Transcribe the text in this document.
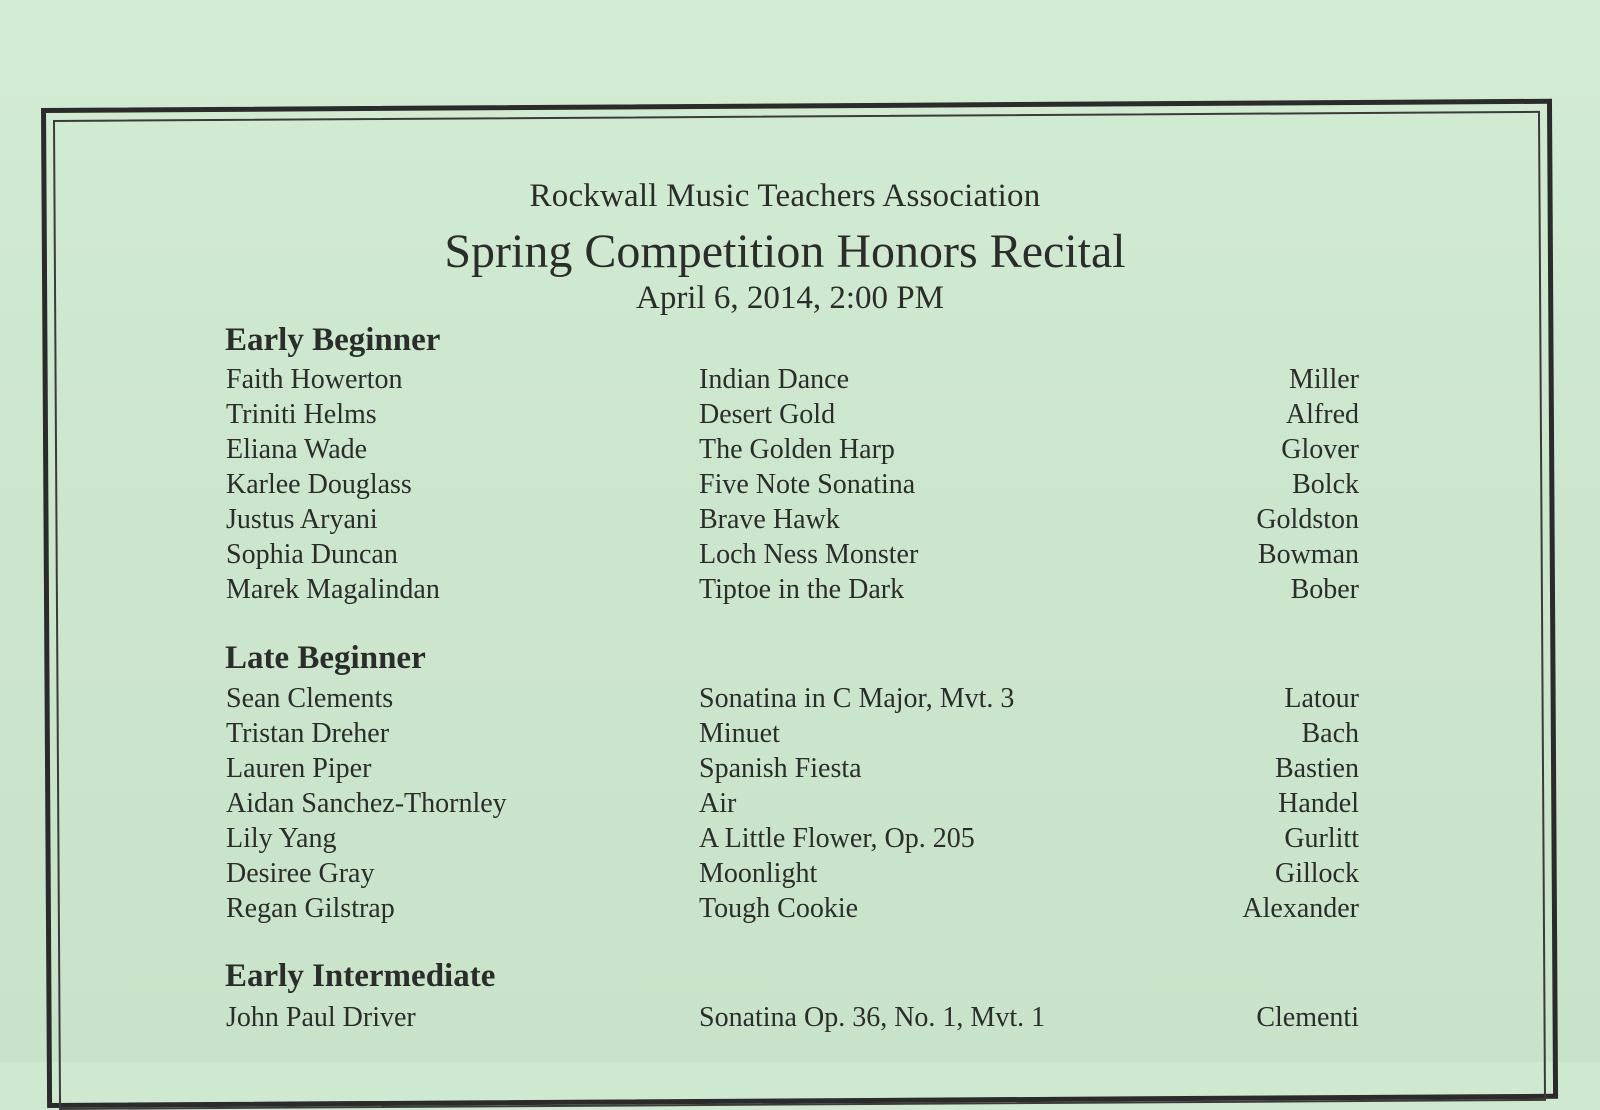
Rockwall Music Teachers Association
Spring Competition Honors Recital
April 6, 2014, 2:00 PM
Early Beginner
Faith Howerton	Indian Dance	Miller
Triniti Helms	Desert Gold	Alfred
Eliana Wade	The Golden Harp	Glover
Karlee Douglass	Five Note Sonatina	Bolck
Justus Aryani	Brave Hawk	Goldston
Sophia Duncan	Loch Ness Monster	Bowman
Marek Magalindan	Tiptoe in the Dark	Bober
Late Beginner
Sean Clements	Sonatina in C Major, Mvt. 3	Latour
Tristan Dreher	Minuet	Bach
Lauren Piper	Spanish Fiesta	Bastien
Aidan Sanchez-Thornley	Air	Handel
Lily Yang	A Little Flower, Op. 205	Gurlitt
Desiree Gray	Moonlight	Gillock
Regan Gilstrap	Tough Cookie	Alexander
Early Intermediate
John Paul Driver	Sonatina Op. 36, No. 1, Mvt. 1	Clementi
